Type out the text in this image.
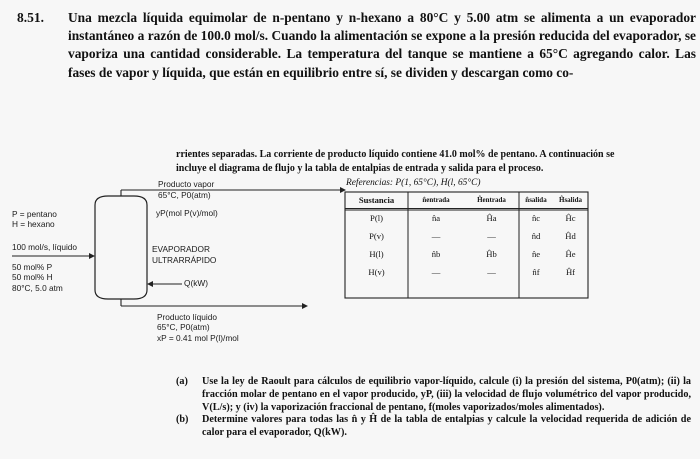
8.51. Una mezcla líquida equimolar de n-pentano y n-hexano a 80°C y 5.00 atm se alimenta a un evaporador instantáneo a razón de 100.0 mol/s. Cuando la alimentación se expone a la presión reducida del evaporador, se vaporiza una cantidad considerable. La temperatura del tanque se mantiene a 65°C agregando calor. Las fases de vapor y líquida, que están en equilibrio entre sí, se dividen y descargan como co-
rrientes separadas. La corriente de producto líquido contiene 41.0 mol% de pentano. A continuación se
incluye el diagrama de flujo y la tabla de entalpias de entrada y salida para el proceso.
Producto vapor
65°C, P0(atm)
yP(mol P(v)/mol)
P = pentano
H = hexano
100 mol/s, líquido
50 mol% P
50 mol% H
80°C, 5.0 atm
EVAPORADOR
ULTRARRÁPIDO
Q(kW)
Producto líquido
65°C, P0(atm)
xP = 0.41 mol P(l)/mol
Referencias: P(1, 65°C), H(l, 65°C)
Sustancia	n̂entrada	Ĥentrada	n̂salida	Ĥsalida
P(l)	n̂a	Ĥa	n̂c	Ĥc
P(v)	—	—	n̂d	Ĥd
H(l)	n̂b	Ĥb	n̂e	Ĥe
H(v)	—	—	n̂f	Ĥf
(a)	Use la ley de Raoult para cálculos de equilibrio vapor-líquido, calcule (i) la presión del sistema, P0(atm); (ii) la fracción molar de pentano en el vapor producido, yP, (iii) la velocidad de flujo volumétrico del vapor producido, V(L/s); y (iv) la vaporización fraccional de pentano, f(moles vaporizados/moles alimentados).
(b)	Determine valores para todas las n̂ y Ĥ de la tabla de entalpias y calcule la velocidad requerida de adición de calor para el evaporador, Q(kW).
